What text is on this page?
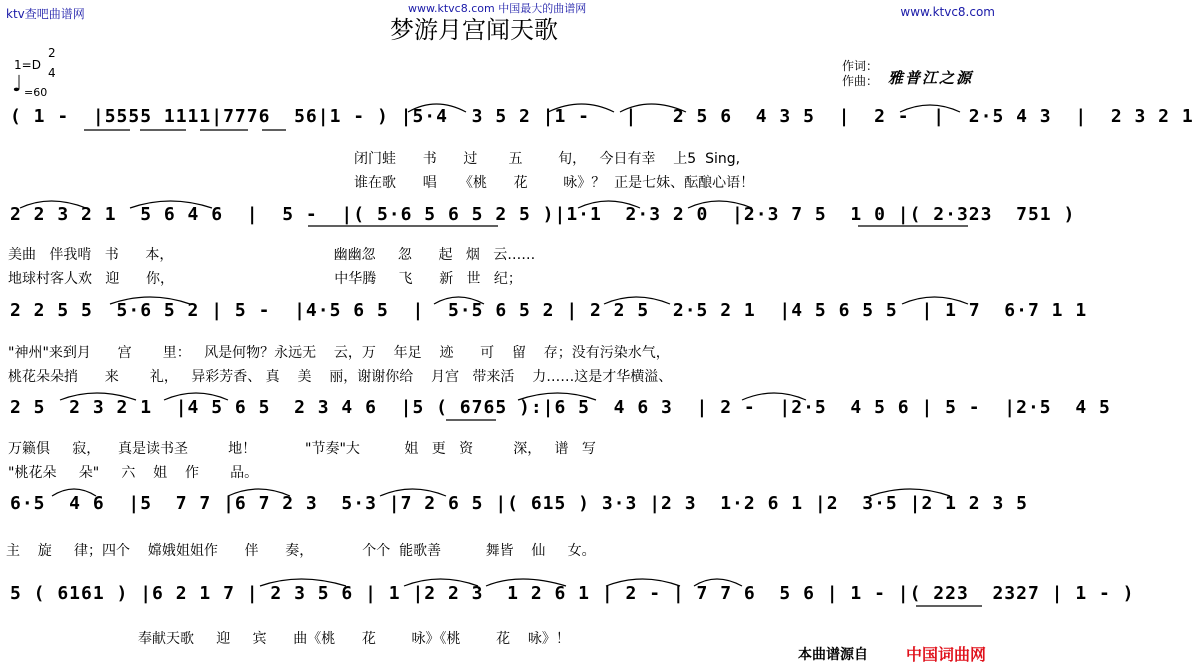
ktv查吧曲谱网	www.ktvc8.com 中国最大的曲谱网	www.ktvc8.com
梦游月宫闻天歌
1=D
2
4
♩ =60
作词：
作曲： 雅普江之源
( 1 -  |5555 1111|7776  56|1 - ) |5·4  3 5 2 |1 -   |   2 5 6  4 3 5  |  2 -  |  2·5 4 3  |  2 3 2 1
闭门蛙      书      过       五        旬，   今日有幸    上5  Sing,
谁在歌      唱     《桃      花        咏》？  正是七妹、酝酿心语！
2 2 3 2 1  5 6 4 6  |  5 -  |( 5·6 5 6 5 2 5 )|1·1  2·3 2 0  |2·3 7 5  1 0 |( 2·323  751 )
美曲   伴我啃   书      本，                                    幽幽忽     忽      起   烟   云……
地球村客人欢   迎      你，                                    中华腾     飞      新   世   纪；
2 2 5 5  5·6 5 2 | 5 -  |4·5 6 5  |  5·5 6 5 2 | 2 2 5  2·5 2 1  |4 5 6 5 5  | 1 7  6·7 1 1
"神州"来到月      宫       里：   风是何物？永远无    云，万    年足    迹      可    留    存；没有污染水气，
桃花朵朵捎      来       礼，   异彩芳香、 真    美    丽，谢谢你给    月宫   带来活    力……这是才华横溢、
2 5  2 3 2 1  |4 5 6 5  2 3 4 6  |5 ( 6765 ):|6 5  4 6 3  | 2 -  |2·5  4 5 6 | 5 -  |2·5  4 5
万籁俱     寂，    真是读书圣         地！           "节奏"大          姐   更   资         深，   谱   写
"桃花朵     朵"     六    姐    作       品。
6·5  4 6  |5  7 7 |6 7 2 3  5·3 |7 2 6 5 |( 615 ) 3·3 |2 3  1·2 6 1 |2  3·5 |2 1 2 3 5
主    旋     律；四个    嫦娥姐姐作      伴      奏，           个个  能歌善          舞皆    仙     女。
5 ( 6161 ) |6 2 1 7 | 2 3 5 6 | 1 |2 2 3  1 2 6 1 | 2 - | 7 7 6  5 6 | 1 - |( 223  2327 | 1 - )
奉献天歌     迎     宾      曲《桃      花        咏》《桃        花    咏》！
本曲谱源自 中国词曲网
